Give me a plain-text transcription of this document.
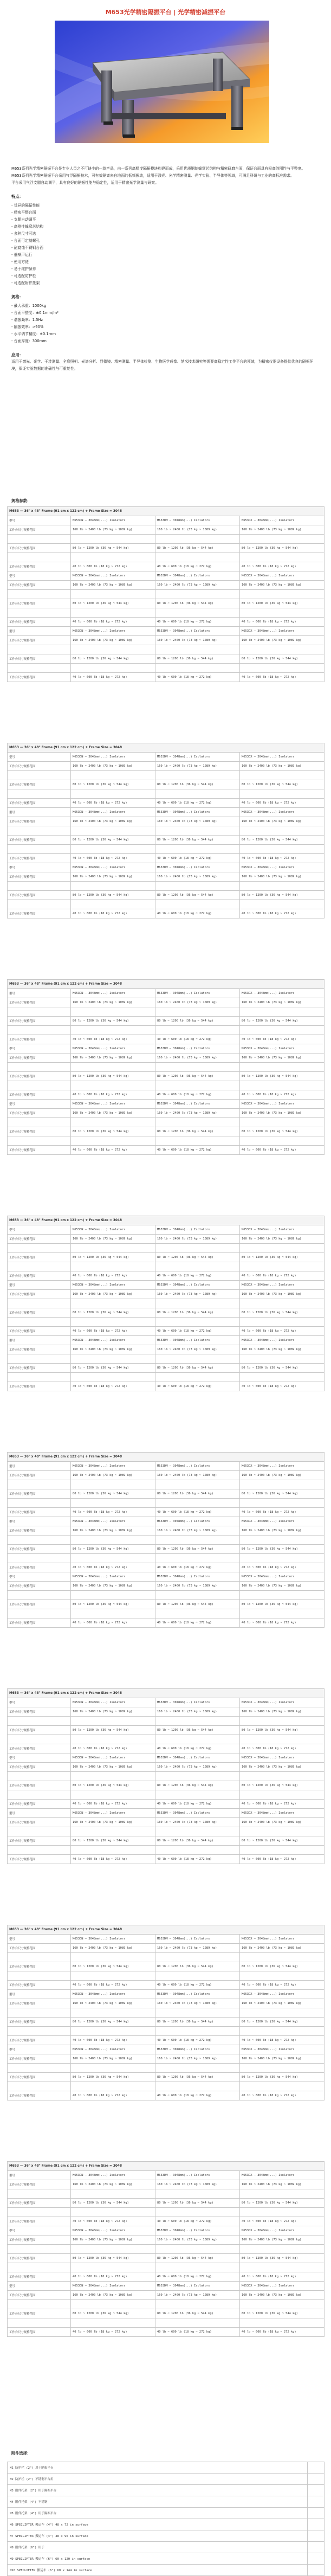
M653光学精密隔振平台 | 光学精密减振平台

M653系列光学精密隔振平台是专业人员之不可缺少的一款产品，由一系列高精度隔振模块构建而成，采用优质钢制蜂窝芯结构与精密研磨台面，保证台面具有极高的刚性与平整度。

M653系列光学精密隔振平台采用气浮隔振技术，可有效隔离来自地面的低频振动，适用于激光、光学精密测量、光学实验、半导体等领域，可满足科研与工业的高标准需求。

平台采用气浮支腿自动调平，具有良好的隔振性能与稳定性，适用于精密光学测量与研究。

特点：
- 优异的隔振性能
- 精密平整台面
- 支腿自动调平
- 高刚性蜂窝芯结构
- 多种尺寸可选
- 台面可定制螺孔
- 耐腐蚀不锈钢台面
- 低噪声运行
- 使用方便
- 易于维护保养
- 可选配防护栏
- 可选配附件托架
规格：
- 最大承重：1000kg
- 台面平整度：±0.1mm/m²
- 谐振频率：1.5Hz
- 隔振效率：>90%
- 水平调节精度：±0.1mm
- 台面厚度：300mm
应用：

适用于激光、光学、干涉测量、全息照相、光谱分析、显微镜、精密测量、半导体检测、生物医学成像、纳米技术研究等需要高稳定性工作平台的领域，为精密仪器设备提供优良的隔振环境，保证实验数据的准确性与可重复性。

规格参数：
M653 — 36" x 48" Frame (91 cm x 122 cm) + Frame Size = 3048			
型号	M653DN — 3048mm(...) Isolators	M653DM — 3048mm(...) Isolators	M653DX — 3048mm(...) Isolators
工作台尺寸规格范围	160 lb ~ 2400 lb (73 kg ~ 1089 kg)	160 lb ~ 2400 lb (73 kg ~ 1089 kg)	160 lb ~ 2400 lb (73 kg ~ 1089 kg)

工作台尺寸规格范围	80 lb ~ 1200 lb (36 kg ~ 544 kg)	80 lb ~ 1200 lb (36 kg ~ 544 kg)	80 lb ~ 1200 lb (36 kg ~ 544 kg)

工作台尺寸规格范围	40 lb ~ 600 lb (18 kg ~ 272 kg)	40 lb ~ 600 lb (18 kg ~ 272 kg)	40 lb ~ 600 lb (18 kg ~ 272 kg)
型号	M653DN — 3048mm(...) Isolators	M653DM — 3048mm(...) Isolators	M653DX — 3048mm(...) Isolators
工作台尺寸规格范围	160 lb ~ 2400 lb (73 kg ~ 1089 kg)	160 lb ~ 2400 lb (73 kg ~ 1089 kg)	160 lb ~ 2400 lb (73 kg ~ 1089 kg)

工作台尺寸规格范围	80 lb ~ 1200 lb (36 kg ~ 544 kg)	80 lb ~ 1200 lb (36 kg ~ 544 kg)	80 lb ~ 1200 lb (36 kg ~ 544 kg)

工作台尺寸规格范围	40 lb ~ 600 lb (18 kg ~ 272 kg)	40 lb ~ 600 lb (18 kg ~ 272 kg)	40 lb ~ 600 lb (18 kg ~ 272 kg)
型号	M653DN — 3048mm(...) Isolators	M653DM — 3048mm(...) Isolators	M653DX — 3048mm(...) Isolators
工作台尺寸规格范围	160 lb ~ 2400 lb (73 kg ~ 1089 kg)	160 lb ~ 2400 lb (73 kg ~ 1089 kg)	160 lb ~ 2400 lb (73 kg ~ 1089 kg)

工作台尺寸规格范围	80 lb ~ 1200 lb (36 kg ~ 544 kg)	80 lb ~ 1200 lb (36 kg ~ 544 kg)	80 lb ~ 1200 lb (36 kg ~ 544 kg)

工作台尺寸规格范围	40 lb ~ 600 lb (18 kg ~ 272 kg)	40 lb ~ 600 lb (18 kg ~ 272 kg)	40 lb ~ 600 lb (18 kg ~ 272 kg)
M653 — 36" x 48" Frame (91 cm x 122 cm) + Frame Size = 3048			
型号	M653DN — 3048mm(...) Isolators	M653DM — 3048mm(...) Isolators	M653DX — 3048mm(...) Isolators
工作台尺寸规格范围	160 lb ~ 2400 lb (73 kg ~ 1089 kg)	160 lb ~ 2400 lb (73 kg ~ 1089 kg)	160 lb ~ 2400 lb (73 kg ~ 1089 kg)

工作台尺寸规格范围	80 lb ~ 1200 lb (36 kg ~ 544 kg)	80 lb ~ 1200 lb (36 kg ~ 544 kg)	80 lb ~ 1200 lb (36 kg ~ 544 kg)

工作台尺寸规格范围	40 lb ~ 600 lb (18 kg ~ 272 kg)	40 lb ~ 600 lb (18 kg ~ 272 kg)	40 lb ~ 600 lb (18 kg ~ 272 kg)
型号	M653DN — 3048mm(...) Isolators	M653DM — 3048mm(...) Isolators	M653DX — 3048mm(...) Isolators
工作台尺寸规格范围	160 lb ~ 2400 lb (73 kg ~ 1089 kg)	160 lb ~ 2400 lb (73 kg ~ 1089 kg)	160 lb ~ 2400 lb (73 kg ~ 1089 kg)

工作台尺寸规格范围	80 lb ~ 1200 lb (36 kg ~ 544 kg)	80 lb ~ 1200 lb (36 kg ~ 544 kg)	80 lb ~ 1200 lb (36 kg ~ 544 kg)

工作台尺寸规格范围	40 lb ~ 600 lb (18 kg ~ 272 kg)	40 lb ~ 600 lb (18 kg ~ 272 kg)	40 lb ~ 600 lb (18 kg ~ 272 kg)
型号	M653DN — 3048mm(...) Isolators	M653DM — 3048mm(...) Isolators	M653DX — 3048mm(...) Isolators
工作台尺寸规格范围	160 lb ~ 2400 lb (73 kg ~ 1089 kg)	160 lb ~ 2400 lb (73 kg ~ 1089 kg)	160 lb ~ 2400 lb (73 kg ~ 1089 kg)

工作台尺寸规格范围	80 lb ~ 1200 lb (36 kg ~ 544 kg)	80 lb ~ 1200 lb (36 kg ~ 544 kg)	80 lb ~ 1200 lb (36 kg ~ 544 kg)

工作台尺寸规格范围	40 lb ~ 600 lb (18 kg ~ 272 kg)	40 lb ~ 600 lb (18 kg ~ 272 kg)	40 lb ~ 600 lb (18 kg ~ 272 kg)
M653 — 36" x 48" Frame (91 cm x 122 cm) + Frame Size = 3048			
型号	M653DN — 3048mm(...) Isolators	M653DM — 3048mm(...) Isolators	M653DX — 3048mm(...) Isolators
工作台尺寸规格范围	160 lb ~ 2400 lb (73 kg ~ 1089 kg)	160 lb ~ 2400 lb (73 kg ~ 1089 kg)	160 lb ~ 2400 lb (73 kg ~ 1089 kg)

工作台尺寸规格范围	80 lb ~ 1200 lb (36 kg ~ 544 kg)	80 lb ~ 1200 lb (36 kg ~ 544 kg)	80 lb ~ 1200 lb (36 kg ~ 544 kg)

工作台尺寸规格范围	40 lb ~ 600 lb (18 kg ~ 272 kg)	40 lb ~ 600 lb (18 kg ~ 272 kg)	40 lb ~ 600 lb (18 kg ~ 272 kg)
型号	M653DN — 3048mm(...) Isolators	M653DM — 3048mm(...) Isolators	M653DX — 3048mm(...) Isolators
工作台尺寸规格范围	160 lb ~ 2400 lb (73 kg ~ 1089 kg)	160 lb ~ 2400 lb (73 kg ~ 1089 kg)	160 lb ~ 2400 lb (73 kg ~ 1089 kg)

工作台尺寸规格范围	80 lb ~ 1200 lb (36 kg ~ 544 kg)	80 lb ~ 1200 lb (36 kg ~ 544 kg)	80 lb ~ 1200 lb (36 kg ~ 544 kg)

工作台尺寸规格范围	40 lb ~ 600 lb (18 kg ~ 272 kg)	40 lb ~ 600 lb (18 kg ~ 272 kg)	40 lb ~ 600 lb (18 kg ~ 272 kg)
型号	M653DN — 3048mm(...) Isolators	M653DM — 3048mm(...) Isolators	M653DX — 3048mm(...) Isolators
工作台尺寸规格范围	160 lb ~ 2400 lb (73 kg ~ 1089 kg)	160 lb ~ 2400 lb (73 kg ~ 1089 kg)	160 lb ~ 2400 lb (73 kg ~ 1089 kg)

工作台尺寸规格范围	80 lb ~ 1200 lb (36 kg ~ 544 kg)	80 lb ~ 1200 lb (36 kg ~ 544 kg)	80 lb ~ 1200 lb (36 kg ~ 544 kg)

工作台尺寸规格范围	40 lb ~ 600 lb (18 kg ~ 272 kg)	40 lb ~ 600 lb (18 kg ~ 272 kg)	40 lb ~ 600 lb (18 kg ~ 272 kg)
M653 — 36" x 48" Frame (91 cm x 122 cm) + Frame Size = 3048			
型号	M653DN — 3048mm(...) Isolators	M653DM — 3048mm(...) Isolators	M653DX — 3048mm(...) Isolators
工作台尺寸规格范围	160 lb ~ 2400 lb (73 kg ~ 1089 kg)	160 lb ~ 2400 lb (73 kg ~ 1089 kg)	160 lb ~ 2400 lb (73 kg ~ 1089 kg)

工作台尺寸规格范围	80 lb ~ 1200 lb (36 kg ~ 544 kg)	80 lb ~ 1200 lb (36 kg ~ 544 kg)	80 lb ~ 1200 lb (36 kg ~ 544 kg)

工作台尺寸规格范围	40 lb ~ 600 lb (18 kg ~ 272 kg)	40 lb ~ 600 lb (18 kg ~ 272 kg)	40 lb ~ 600 lb (18 kg ~ 272 kg)
型号	M653DN — 3048mm(...) Isolators	M653DM — 3048mm(...) Isolators	M653DX — 3048mm(...) Isolators
工作台尺寸规格范围	160 lb ~ 2400 lb (73 kg ~ 1089 kg)	160 lb ~ 2400 lb (73 kg ~ 1089 kg)	160 lb ~ 2400 lb (73 kg ~ 1089 kg)

工作台尺寸规格范围	80 lb ~ 1200 lb (36 kg ~ 544 kg)	80 lb ~ 1200 lb (36 kg ~ 544 kg)	80 lb ~ 1200 lb (36 kg ~ 544 kg)

工作台尺寸规格范围	40 lb ~ 600 lb (18 kg ~ 272 kg)	40 lb ~ 600 lb (18 kg ~ 272 kg)	40 lb ~ 600 lb (18 kg ~ 272 kg)
型号	M653DN — 3048mm(...) Isolators	M653DM — 3048mm(...) Isolators	M653DX — 3048mm(...) Isolators
工作台尺寸规格范围	160 lb ~ 2400 lb (73 kg ~ 1089 kg)	160 lb ~ 2400 lb (73 kg ~ 1089 kg)	160 lb ~ 2400 lb (73 kg ~ 1089 kg)

工作台尺寸规格范围	80 lb ~ 1200 lb (36 kg ~ 544 kg)	80 lb ~ 1200 lb (36 kg ~ 544 kg)	80 lb ~ 1200 lb (36 kg ~ 544 kg)

工作台尺寸规格范围	40 lb ~ 600 lb (18 kg ~ 272 kg)	40 lb ~ 600 lb (18 kg ~ 272 kg)	40 lb ~ 600 lb (18 kg ~ 272 kg)
M653 — 36" x 48" Frame (91 cm x 122 cm) + Frame Size = 3048			
型号	M653DN — 3048mm(...) Isolators	M653DM — 3048mm(...) Isolators	M653DX — 3048mm(...) Isolators
工作台尺寸规格范围	160 lb ~ 2400 lb (73 kg ~ 1089 kg)	160 lb ~ 2400 lb (73 kg ~ 1089 kg)	160 lb ~ 2400 lb (73 kg ~ 1089 kg)

工作台尺寸规格范围	80 lb ~ 1200 lb (36 kg ~ 544 kg)	80 lb ~ 1200 lb (36 kg ~ 544 kg)	80 lb ~ 1200 lb (36 kg ~ 544 kg)

工作台尺寸规格范围	40 lb ~ 600 lb (18 kg ~ 272 kg)	40 lb ~ 600 lb (18 kg ~ 272 kg)	40 lb ~ 600 lb (18 kg ~ 272 kg)
型号	M653DN — 3048mm(...) Isolators	M653DM — 3048mm(...) Isolators	M653DX — 3048mm(...) Isolators
工作台尺寸规格范围	160 lb ~ 2400 lb (73 kg ~ 1089 kg)	160 lb ~ 2400 lb (73 kg ~ 1089 kg)	160 lb ~ 2400 lb (73 kg ~ 1089 kg)

工作台尺寸规格范围	80 lb ~ 1200 lb (36 kg ~ 544 kg)	80 lb ~ 1200 lb (36 kg ~ 544 kg)	80 lb ~ 1200 lb (36 kg ~ 544 kg)

工作台尺寸规格范围	40 lb ~ 600 lb (18 kg ~ 272 kg)	40 lb ~ 600 lb (18 kg ~ 272 kg)	40 lb ~ 600 lb (18 kg ~ 272 kg)
型号	M653DN — 3048mm(...) Isolators	M653DM — 3048mm(...) Isolators	M653DX — 3048mm(...) Isolators
工作台尺寸规格范围	160 lb ~ 2400 lb (73 kg ~ 1089 kg)	160 lb ~ 2400 lb (73 kg ~ 1089 kg)	160 lb ~ 2400 lb (73 kg ~ 1089 kg)

工作台尺寸规格范围	80 lb ~ 1200 lb (36 kg ~ 544 kg)	80 lb ~ 1200 lb (36 kg ~ 544 kg)	80 lb ~ 1200 lb (36 kg ~ 544 kg)

工作台尺寸规格范围	40 lb ~ 600 lb (18 kg ~ 272 kg)	40 lb ~ 600 lb (18 kg ~ 272 kg)	40 lb ~ 600 lb (18 kg ~ 272 kg)
M653 — 36" x 48" Frame (91 cm x 122 cm) + Frame Size = 3048			
型号	M653DN — 3048mm(...) Isolators	M653DM — 3048mm(...) Isolators	M653DX — 3048mm(...) Isolators
工作台尺寸规格范围	160 lb ~ 2400 lb (73 kg ~ 1089 kg)	160 lb ~ 2400 lb (73 kg ~ 1089 kg)	160 lb ~ 2400 lb (73 kg ~ 1089 kg)

工作台尺寸规格范围	80 lb ~ 1200 lb (36 kg ~ 544 kg)	80 lb ~ 1200 lb (36 kg ~ 544 kg)	80 lb ~ 1200 lb (36 kg ~ 544 kg)

工作台尺寸规格范围	40 lb ~ 600 lb (18 kg ~ 272 kg)	40 lb ~ 600 lb (18 kg ~ 272 kg)	40 lb ~ 600 lb (18 kg ~ 272 kg)
型号	M653DN — 3048mm(...) Isolators	M653DM — 3048mm(...) Isolators	M653DX — 3048mm(...) Isolators
工作台尺寸规格范围	160 lb ~ 2400 lb (73 kg ~ 1089 kg)	160 lb ~ 2400 lb (73 kg ~ 1089 kg)	160 lb ~ 2400 lb (73 kg ~ 1089 kg)

工作台尺寸规格范围	80 lb ~ 1200 lb (36 kg ~ 544 kg)	80 lb ~ 1200 lb (36 kg ~ 544 kg)	80 lb ~ 1200 lb (36 kg ~ 544 kg)

工作台尺寸规格范围	40 lb ~ 600 lb (18 kg ~ 272 kg)	40 lb ~ 600 lb (18 kg ~ 272 kg)	40 lb ~ 600 lb (18 kg ~ 272 kg)
型号	M653DN — 3048mm(...) Isolators	M653DM — 3048mm(...) Isolators	M653DX — 3048mm(...) Isolators
工作台尺寸规格范围	160 lb ~ 2400 lb (73 kg ~ 1089 kg)	160 lb ~ 2400 lb (73 kg ~ 1089 kg)	160 lb ~ 2400 lb (73 kg ~ 1089 kg)

工作台尺寸规格范围	80 lb ~ 1200 lb (36 kg ~ 544 kg)	80 lb ~ 1200 lb (36 kg ~ 544 kg)	80 lb ~ 1200 lb (36 kg ~ 544 kg)

工作台尺寸规格范围	40 lb ~ 600 lb (18 kg ~ 272 kg)	40 lb ~ 600 lb (18 kg ~ 272 kg)	40 lb ~ 600 lb (18 kg ~ 272 kg)
M653 — 36" x 48" Frame (91 cm x 122 cm) + Frame Size = 3048			
型号	M653DN — 3048mm(...) Isolators	M653DM — 3048mm(...) Isolators	M653DX — 3048mm(...) Isolators
工作台尺寸规格范围	160 lb ~ 2400 lb (73 kg ~ 1089 kg)	160 lb ~ 2400 lb (73 kg ~ 1089 kg)	160 lb ~ 2400 lb (73 kg ~ 1089 kg)

工作台尺寸规格范围	80 lb ~ 1200 lb (36 kg ~ 544 kg)	80 lb ~ 1200 lb (36 kg ~ 544 kg)	80 lb ~ 1200 lb (36 kg ~ 544 kg)

工作台尺寸规格范围	40 lb ~ 600 lb (18 kg ~ 272 kg)	40 lb ~ 600 lb (18 kg ~ 272 kg)	40 lb ~ 600 lb (18 kg ~ 272 kg)
型号	M653DN — 3048mm(...) Isolators	M653DM — 3048mm(...) Isolators	M653DX — 3048mm(...) Isolators
工作台尺寸规格范围	160 lb ~ 2400 lb (73 kg ~ 1089 kg)	160 lb ~ 2400 lb (73 kg ~ 1089 kg)	160 lb ~ 2400 lb (73 kg ~ 1089 kg)

工作台尺寸规格范围	80 lb ~ 1200 lb (36 kg ~ 544 kg)	80 lb ~ 1200 lb (36 kg ~ 544 kg)	80 lb ~ 1200 lb (36 kg ~ 544 kg)

工作台尺寸规格范围	40 lb ~ 600 lb (18 kg ~ 272 kg)	40 lb ~ 600 lb (18 kg ~ 272 kg)	40 lb ~ 600 lb (18 kg ~ 272 kg)
型号	M653DN — 3048mm(...) Isolators	M653DM — 3048mm(...) Isolators	M653DX — 3048mm(...) Isolators
工作台尺寸规格范围	160 lb ~ 2400 lb (73 kg ~ 1089 kg)	160 lb ~ 2400 lb (73 kg ~ 1089 kg)	160 lb ~ 2400 lb (73 kg ~ 1089 kg)

工作台尺寸规格范围	80 lb ~ 1200 lb (36 kg ~ 544 kg)	80 lb ~ 1200 lb (36 kg ~ 544 kg)	80 lb ~ 1200 lb (36 kg ~ 544 kg)

工作台尺寸规格范围	40 lb ~ 600 lb (18 kg ~ 272 kg)	40 lb ~ 600 lb (18 kg ~ 272 kg)	40 lb ~ 600 lb (18 kg ~ 272 kg)
M653 — 36" x 48" Frame (91 cm x 122 cm) + Frame Size = 3048			
型号	M653DN — 3048mm(...) Isolators	M653DM — 3048mm(...) Isolators	M653DX — 3048mm(...) Isolators
工作台尺寸规格范围	160 lb ~ 2400 lb (73 kg ~ 1089 kg)	160 lb ~ 2400 lb (73 kg ~ 1089 kg)	160 lb ~ 2400 lb (73 kg ~ 1089 kg)

工作台尺寸规格范围	80 lb ~ 1200 lb (36 kg ~ 544 kg)	80 lb ~ 1200 lb (36 kg ~ 544 kg)	80 lb ~ 1200 lb (36 kg ~ 544 kg)

工作台尺寸规格范围	40 lb ~ 600 lb (18 kg ~ 272 kg)	40 lb ~ 600 lb (18 kg ~ 272 kg)	40 lb ~ 600 lb (18 kg ~ 272 kg)
型号	M653DN — 3048mm(...) Isolators	M653DM — 3048mm(...) Isolators	M653DX — 3048mm(...) Isolators
工作台尺寸规格范围	160 lb ~ 2400 lb (73 kg ~ 1089 kg)	160 lb ~ 2400 lb (73 kg ~ 1089 kg)	160 lb ~ 2400 lb (73 kg ~ 1089 kg)

工作台尺寸规格范围	80 lb ~ 1200 lb (36 kg ~ 544 kg)	80 lb ~ 1200 lb (36 kg ~ 544 kg)	80 lb ~ 1200 lb (36 kg ~ 544 kg)

工作台尺寸规格范围	40 lb ~ 600 lb (18 kg ~ 272 kg)	40 lb ~ 600 lb (18 kg ~ 272 kg)	40 lb ~ 600 lb (18 kg ~ 272 kg)
型号	M653DN — 3048mm(...) Isolators	M653DM — 3048mm(...) Isolators	M653DX — 3048mm(...) Isolators
工作台尺寸规格范围	160 lb ~ 2400 lb (73 kg ~ 1089 kg)	160 lb ~ 2400 lb (73 kg ~ 1089 kg)	160 lb ~ 2400 lb (73 kg ~ 1089 kg)

工作台尺寸规格范围	80 lb ~ 1200 lb (36 kg ~ 544 kg)	80 lb ~ 1200 lb (36 kg ~ 544 kg)	80 lb ~ 1200 lb (36 kg ~ 544 kg)

工作台尺寸规格范围	40 lb ~ 600 lb (18 kg ~ 272 kg)	40 lb ~ 600 lb (18 kg ~ 272 kg)	40 lb ~ 600 lb (18 kg ~ 272 kg)
附件选择：
M1 防护栏 (2") 用于隔振平台	
M2 防护栏 (2") 不锈钢平台用	
M3 附件托架 (2") 用于隔振平台	
M4 附件托架 (4") 不锈钢	
M5 附件托架 (4") 用于隔振平台	
M6 SPECLIFTER 搬运车 (4") 48 x 72 in surface	
M7 SPECLIFTER 搬运车 (4") 48 x 96 in surface	
M8 附件托架 (6") 用于	
M9 SPECLIFTER 搬运车 (6") 60 x 120 in surface	
M10 SPECLIFTER 搬运车 (6") 60 x 144 in surface	
